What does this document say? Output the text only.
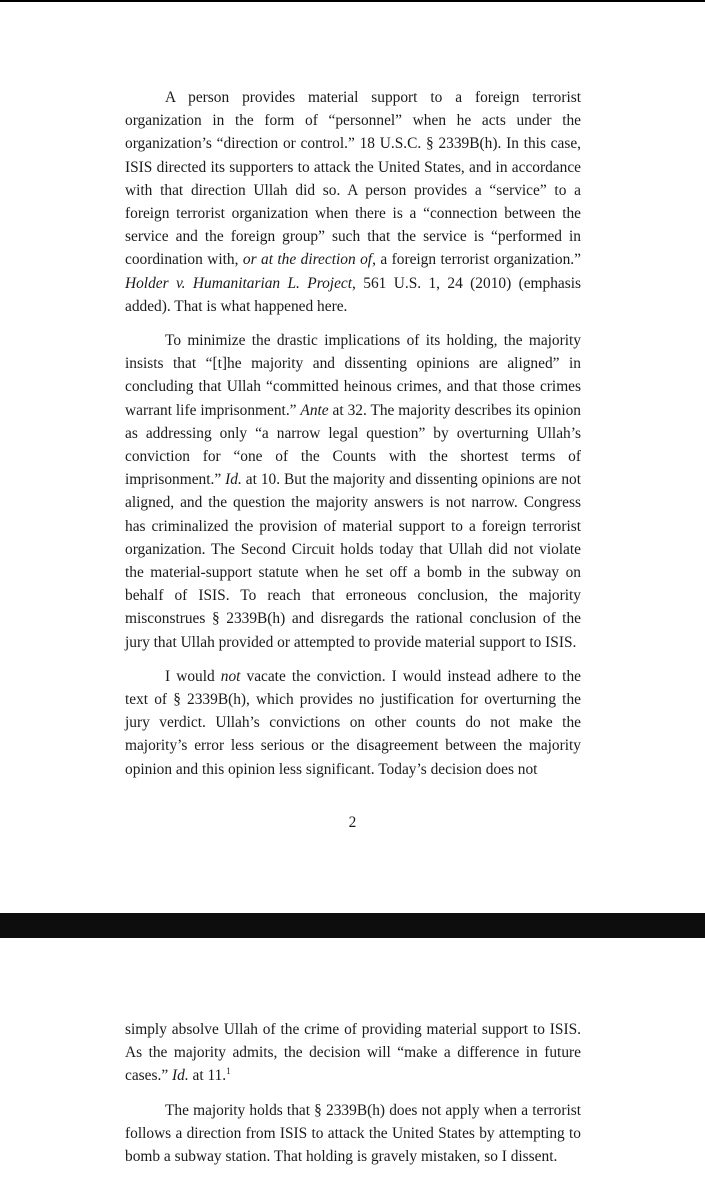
A person provides material support to a foreign terrorist organization in the form of “personnel” when he acts under the organization’s “direction or control.” 18 U.S.C. § 2339B(h). In this case, ISIS directed its supporters to attack the United States, and in accordance with that direction Ullah did so. A person provides a “service” to a foreign terrorist organization when there is a “connection between the service and the foreign group” such that the service is “performed in coordination with, or at the direction of, a foreign terrorist organization.” Holder v. Humanitarian L. Project, 561 U.S. 1, 24 (2010) (emphasis added). That is what happened here.

To minimize the drastic implications of its holding, the majority insists that “[t]he majority and dissenting opinions are aligned” in concluding that Ullah “committed heinous crimes, and that those crimes warrant life imprisonment.” Ante at 32. The majority describes its opinion as addressing only “a narrow legal question” by overturning Ullah’s conviction for “one of the Counts with the shortest terms of imprisonment.” Id. at 10. But the majority and dissenting opinions are not aligned, and the question the majority answers is not narrow. Congress has criminalized the provision of material support to a foreign terrorist organization. The Second Circuit holds today that Ullah did not violate the material-support statute when he set off a bomb in the subway on behalf of ISIS. To reach that erroneous conclusion, the majority misconstrues § 2339B(h) and disregards the rational conclusion of the jury that Ullah provided or attempted to provide material support to ISIS.

I would not vacate the conviction. I would instead adhere to the text of § 2339B(h), which provides no justification for overturning the jury verdict. Ullah’s convictions on other counts do not make the majority’s error less serious or the disagreement between the majority opinion and this opinion less significant. Today’s decision does not

2

simply absolve Ullah of the crime of providing material support to ISIS. As the majority admits, the decision will “make a difference in future cases.” Id. at 11.$^1$

The majority holds that § 2339B(h) does not apply when a terrorist follows a direction from ISIS to attack the United States by attempting to bomb a subway station. That holding is gravely mistaken, so I dissent.
